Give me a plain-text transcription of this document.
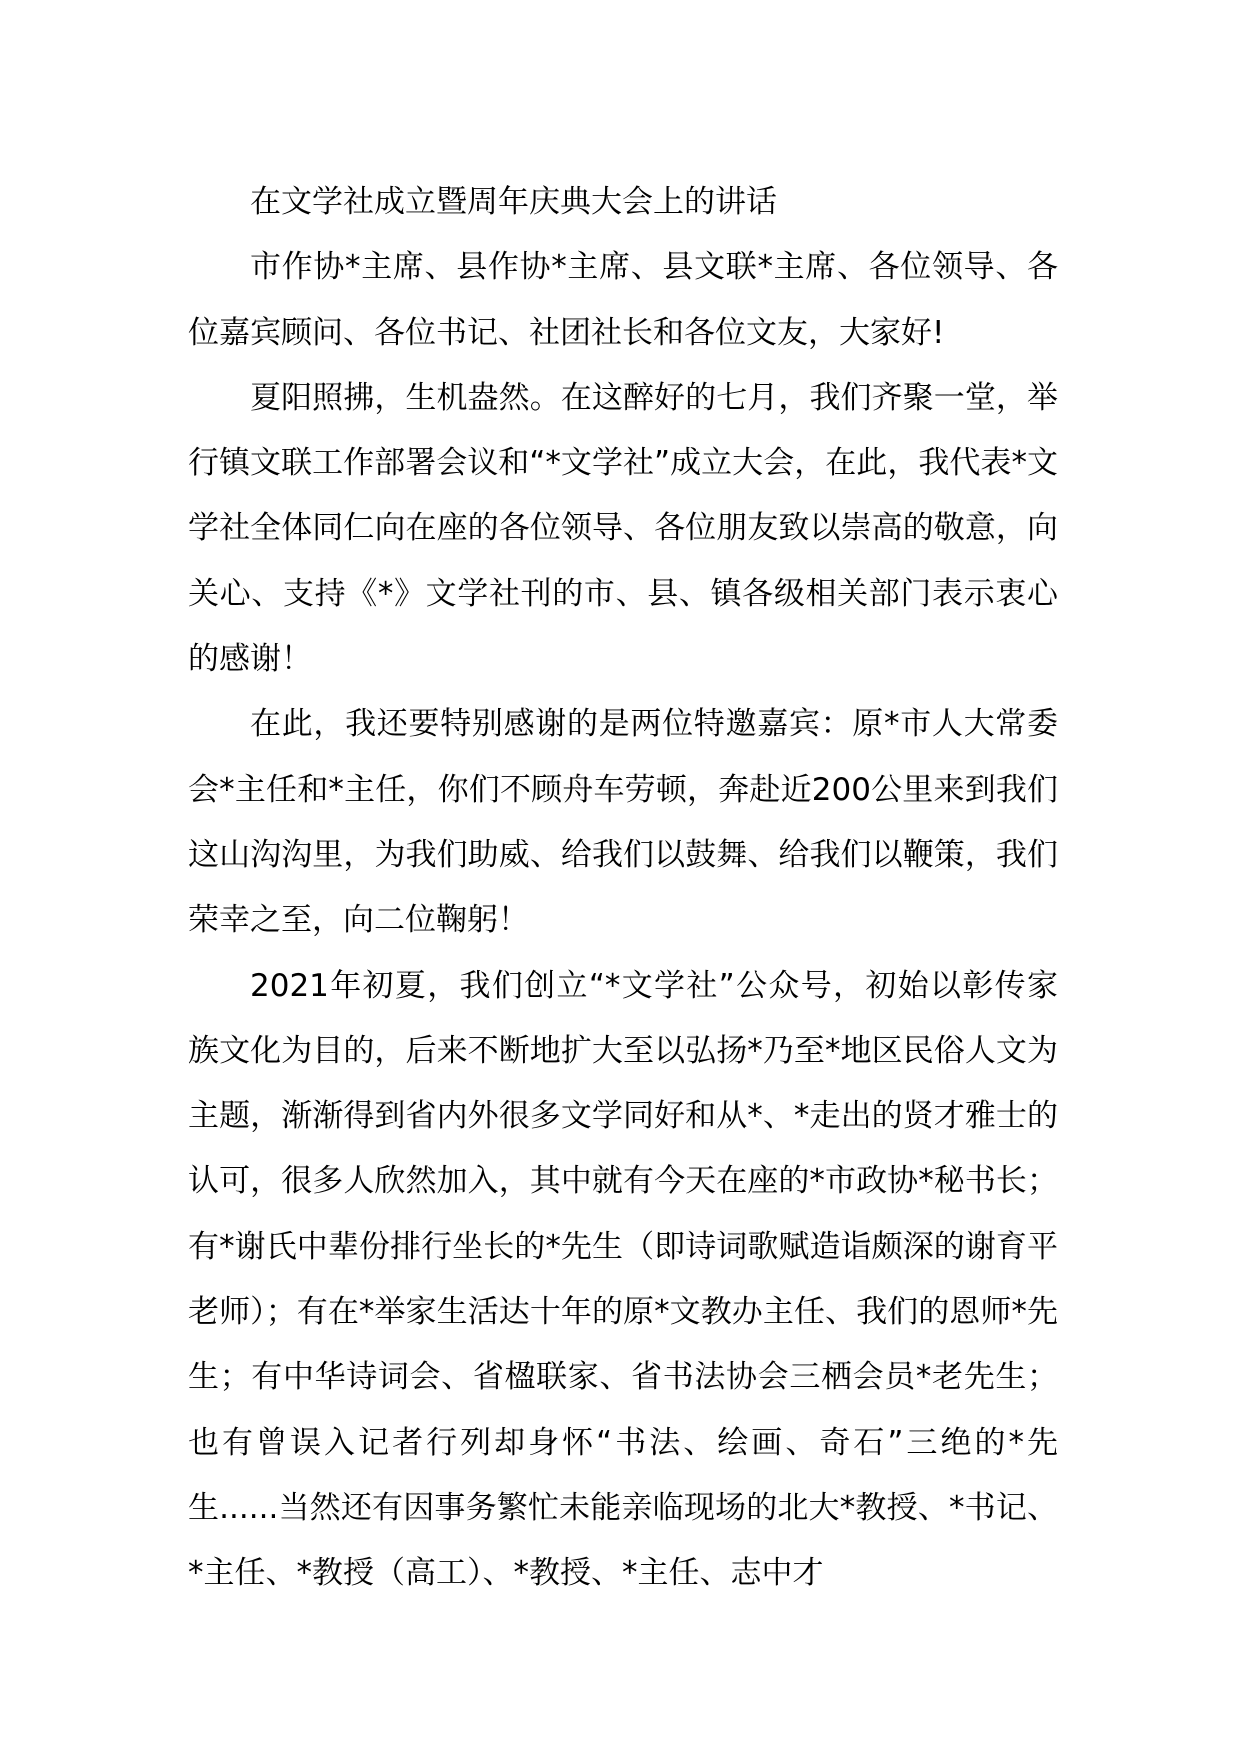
在文学社成立暨周年庆典大会上的讲话

市作协*主席、县作协*主席、县文联*主席、各位领导、各位嘉宾顾问、各位书记、社团社长和各位文友，大家好!

夏阳照拂，生机盎然。在这醉好的七月，我们齐聚一堂，举行镇文联工作部署会议和“*文学社”成立大会，在此，我代表*文学社全体同仁向在座的各位领导、各位朋友致以崇高的敬意，向关心、支持《*》文学社刊的市、县、镇各级相关部门表示衷心的感谢！

在此，我还要特别感谢的是两位特邀嘉宾：原*市人大常委会*主任和*主任，你们不顾舟车劳顿，奔赴近200公里来到我们这山沟沟里，为我们助威、给我们以鼓舞、给我们以鞭策，我们荣幸之至，向二位鞠躬！

2021年初夏，我们创立“*文学社”公众号，初始以彰传家族文化为目的，后来不断地扩大至以弘扬*乃至*地区民俗人文为主题，渐渐得到省内外很多文学同好和从*、*走出的贤才雅士的认可，很多人欣然加入，其中就有今天在座的*市政协*秘书长；有*谢氏中辈份排行坐长的*先生（即诗词歌赋造诣颇深的谢育平老师）；有在*举家生活达十年的原*文教办主任、我们的恩师*先生；有中华诗词会、省楹联家、省书法协会三栖会员*老先生；也有曾误入记者行列却身怀“书法、绘画、奇石”三绝的*先生......当然还有因事务繁忙未能亲临现场的北大*教授、*书记、*主任、*教授（高工）、*教授、*主任、志中才
